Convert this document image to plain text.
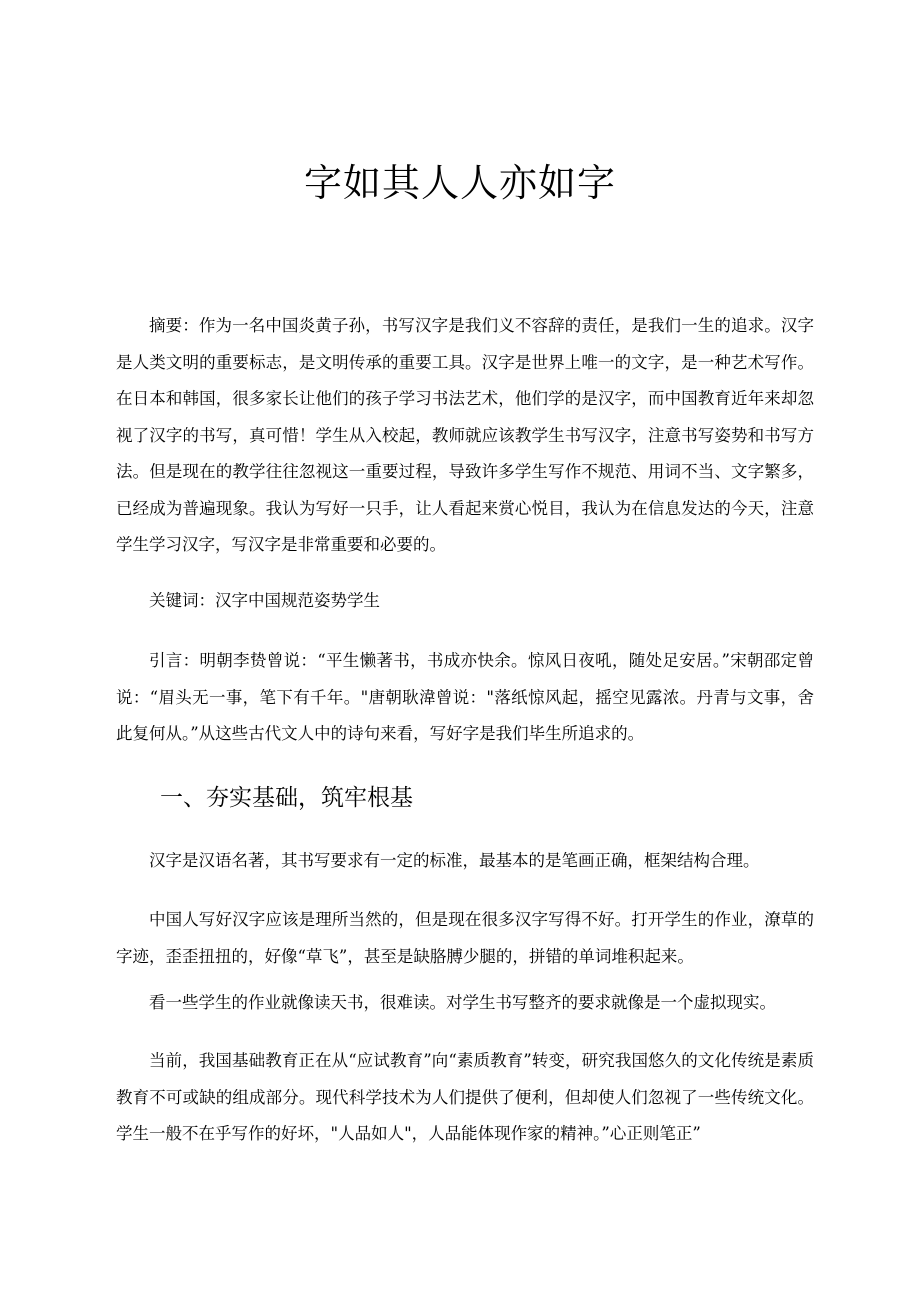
字如其人人亦如字

摘要：作为一名中国炎黄子孙，书写汉字是我们义不容辞的责任，是我们一生的追求。汉字是人类文明的重要标志，是文明传承的重要工具。汉字是世界上唯一的文字，是一种艺术写作。在日本和韩国，很多家长让他们的孩子学习书法艺术，他们学的是汉字，而中国教育近年来却忽视了汉字的书写，真可惜！学生从入校起，教师就应该教学生书写汉字，注意书写姿势和书写方法。但是现在的教学往往忽视这一重要过程，导致许多学生写作不规范、用词不当、文字繁多，已经成为普遍现象。我认为写好一只手，让人看起来赏心悦目，我认为在信息发达的今天，注意学生学习汉字，写汉字是非常重要和必要的。

关键词：汉字中国规范姿势学生

引言：明朝李贽曾说：“平生懒著书，书成亦快余。惊风日夜吼，随处足安居。”宋朝邵定曾说：“眉头无一事，笔下有千年。"唐朝耿湋曾说："落纸惊风起，摇空见露浓。丹青与文事，舍此复何从。”从这些古代文人中的诗句来看，写好字是我们毕生所追求的。

一、夯实基础，筑牢根基

汉字是汉语名著，其书写要求有一定的标准，最基本的是笔画正确，框架结构合理。

中国人写好汉字应该是理所当然的，但是现在很多汉字写得不好。打开学生的作业，潦草的字迹，歪歪扭扭的，好像“草飞”，甚至是缺胳膊少腿的，拼错的单词堆积起来。

看一些学生的作业就像读天书，很难读。对学生书写整齐的要求就像是一个虚拟现实。

当前，我国基础教育正在从“应试教育”向“素质教育”转变，研究我国悠久的文化传统是素质教育不可或缺的组成部分。现代科学技术为人们提供了便利，但却使人们忽视了一些传统文化。学生一般不在乎写作的好坏，"人品如人"，人品能体现作家的精神。”心正则笔正”
